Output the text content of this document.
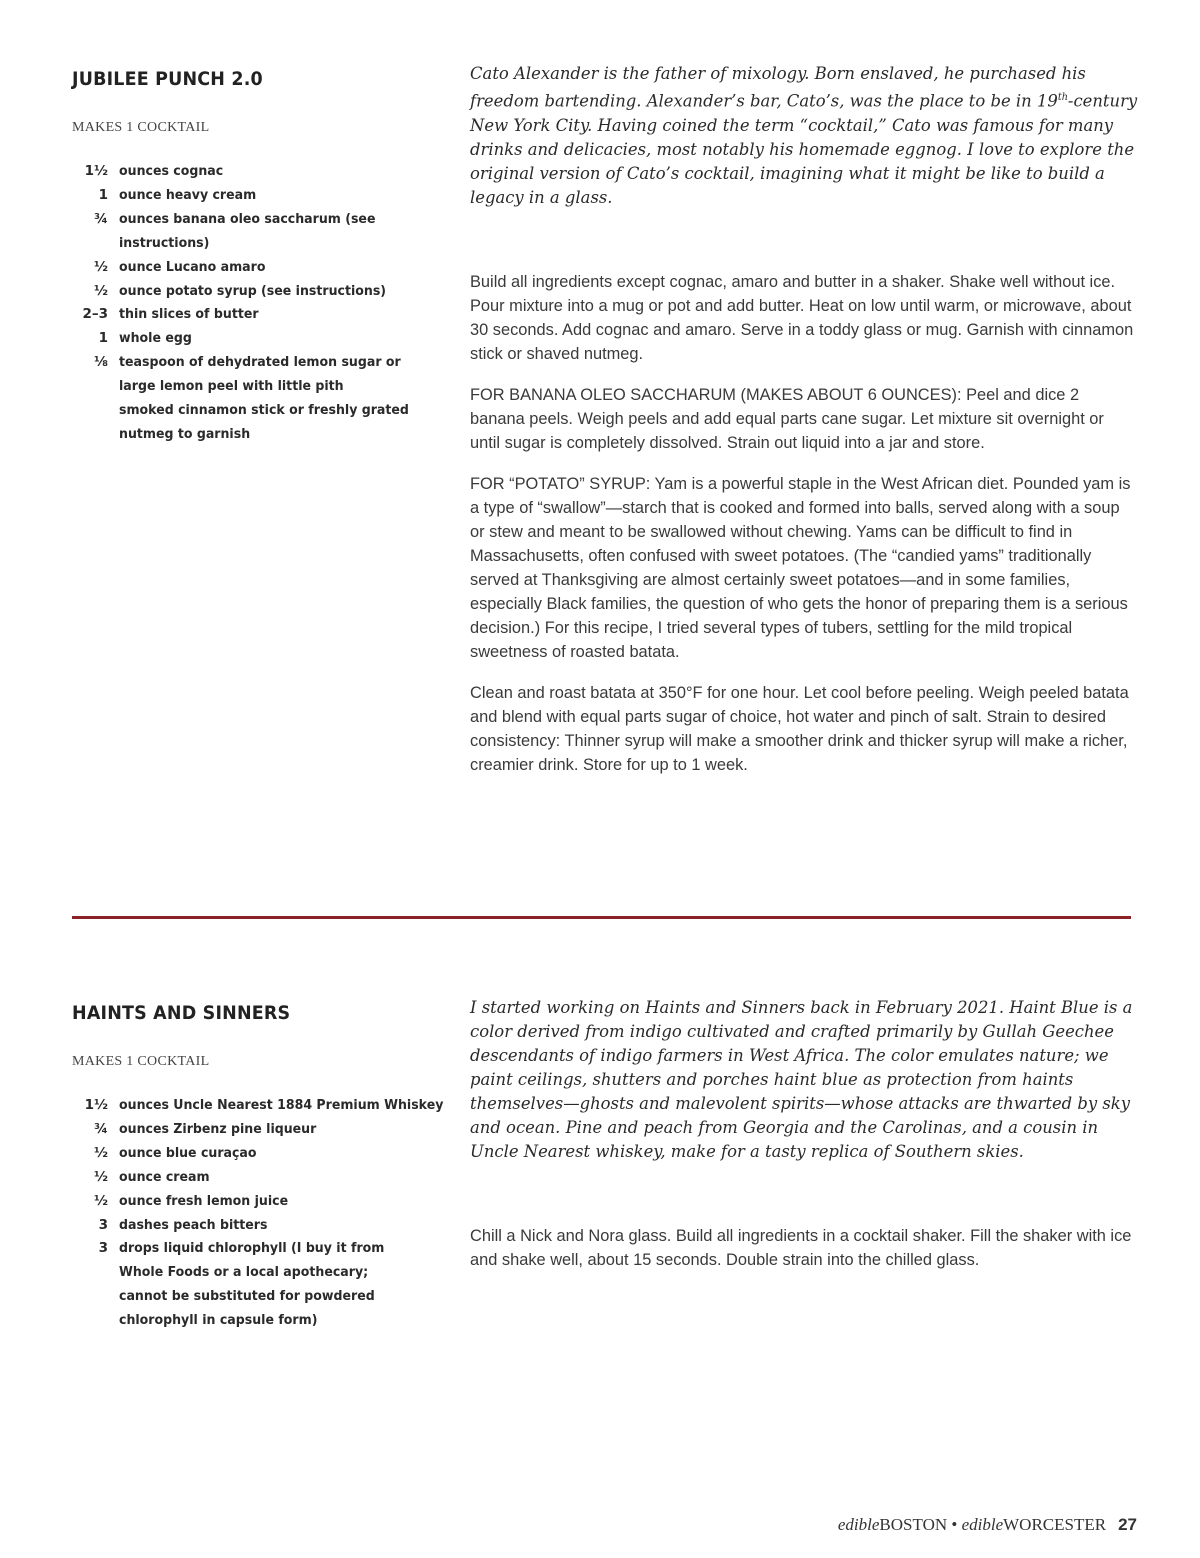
JUBILEE PUNCH 2.0
MAKES 1 COCKTAIL
1½ ounces cognac
1 ounce heavy cream
¾ ounces banana oleo saccharum (see instructions)
½ ounce Lucano amaro
½ ounce potato syrup (see instructions)
2–3 thin slices of butter
1 whole egg
⅛ teaspoon of dehydrated lemon sugar or large lemon peel with little pith
smoked cinnamon stick or freshly grated nutmeg to garnish

Cato Alexander is the father of mixology. Born enslaved, he purchased his freedom bartending. Alexander’s bar, Cato’s, was the place to be in 19th-century New York City. Having coined the term “cocktail,” Cato was famous for many drinks and delicacies, most notably his homemade eggnog. I love to explore the original version of Cato’s cocktail, imagining what it might be like to build a legacy in a glass.

Build all ingredients except cognac, amaro and butter in a shaker. Shake well without ice. Pour mixture into a mug or pot and add butter. Heat on low until warm, or microwave, about 30 seconds. Add cognac and amaro. Serve in a toddy glass or mug. Garnish with cinnamon stick or shaved nutmeg.

FOR BANANA OLEO SACCHARUM (MAKES ABOUT 6 OUNCES): Peel and dice 2 banana peels. Weigh peels and add equal parts cane sugar. Let mixture sit overnight or until sugar is completely dissolved. Strain out liquid into a jar and store.

FOR “POTATO” SYRUP: Yam is a powerful staple in the West African diet. Pounded yam is a type of “swallow”—starch that is cooked and formed into balls, served along with a soup or stew and meant to be swallowed without chewing. Yams can be difficult to find in Massachusetts, often confused with sweet potatoes. (The “candied yams” traditionally served at Thanksgiving are almost certainly sweet potatoes—and in some families, especially Black families, the question of who gets the honor of preparing them is a serious decision.) For this recipe, I tried several types of tubers, settling for the mild tropical sweetness of roasted batata.

Clean and roast batata at 350°F for one hour. Let cool before peeling. Weigh peeled batata and blend with equal parts sugar of choice, hot water and pinch of salt. Strain to desired consistency: Thinner syrup will make a smoother drink and thicker syrup will make a richer, creamier drink. Store for up to 1 week.

HAINTS AND SINNERS
MAKES 1 COCKTAIL
1½ ounces Uncle Nearest 1884 Premium Whiskey
¾ ounces Zirbenz pine liqueur
½ ounce blue curaçao
½ ounce cream
½ ounce fresh lemon juice
3 dashes peach bitters
3 drops liquid chlorophyll (I buy it from Whole Foods or a local apothecary; cannot be substituted for powdered chlorophyll in capsule form)

I started working on Haints and Sinners back in February 2021. Haint Blue is a color derived from indigo cultivated and crafted primarily by Gullah Geechee descendants of indigo farmers in West Africa. The color emulates nature; we paint ceilings, shutters and porches haint blue as protection from haints themselves—ghosts and malevolent spirits—whose attacks are thwarted by sky and ocean. Pine and peach from Georgia and the Carolinas, and a cousin in Uncle Nearest whiskey, make for a tasty replica of Southern skies.

Chill a Nick and Nora glass. Build all ingredients in a cocktail shaker. Fill the shaker with ice and shake well, about 15 seconds. Double strain into the chilled glass.

edibleBOSTON • edibleWORCESTER 27
